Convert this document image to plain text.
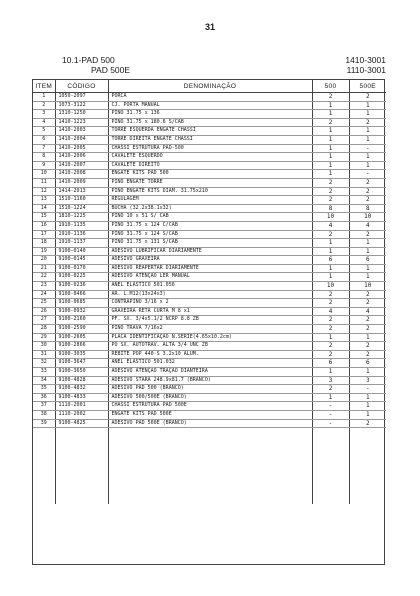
31
10.1-PAD 500
PAD 500E
1410-3001
1110-3001
ITEM	CÓDIGO	DENOMINAÇÃO	500	500E
1	1050-2097	PORCA	2	2
2	1073-3122	CJ. PORTA MANUAL	1	1
3	1310-1250	PINO 31.75 x 136	1	1
4	1410-1223	PINO 31.75 x 180.6 S/CAB	2	2
5	1410-2003	TORRE ESQUERDA ENGATE CHASSI	1	1
6	1410-2004	TORRE DIREITA ENGATE CHASSI	1	1
7	1410-2005	CHASSI ESTRUTURA PAD-500	1	-
8	1410-2006	CAVALETE ESQUERDO	1	1
9	1410-2007	CAVALETE DIREITO	1	1
10	1410-2008	ENGATE KITS PAD 500	1	-
11	1410-2009	PINO ENGATE TORRE	2	2
12	1414-2013	PINO ENGATE KITS DIAM. 31.75x210	2	2
13	1510-1160	REGULAGEM	2	2
14	1510-1224	BUCHA (32.2x38.1x32)	8	8
15	1810-1225	PINO 10 x 51 S/ CAB	10	10
16	1910-1135	PINO 31.75 x 124 C/CAB	4	4
17	1910-1136	PINO 31.75 x 124 S/CAB	2	2
18	1910-1137	PINO 31.75 x 131 S/CAB	1	1
19	9100-0140	ADESIVO LUBRIFICAR DIARIAMENTE	1	1
20	9100-0145	ADESIVO GRAXEIRA	6	6
21	9100-0170	ADESIVO REAPERTAR DIARIAMENTE	1	1
22	9100-0225	ADESIVO ATENÇÃO LER MANUAL	1	1
23	9100-0236	ANEL ELÁSTICO 501.056	10	10
24	9100-0466	AR. L.M12(13x24x3)	2	2
25	9100-0685	CONTRAPINO 3/16 x 2	2	2
26	9100-0932	GRAXEIRA RETA CURTA M 8 x1	4	4
27	9100-2160	PF. SX. 3/4x5.1/2 NCRP 8.8 ZB	2	2
28	9100-2590	PINO TRAVA 7/16x2	2	2
29	9100-2605	PLACA IDENTIFICAÇÃO N.SERIE(4.65x10.2cm)	1	1
30	9100-2866	PO SX. AUTOTRAV. ALTA 3/4 UNC ZB	2	2
31	9100-3035	REBITE POP 440-S 3.2x10 ALUM.	2	2
32	9100-3647	ANEL ELÁSTICO 501.032	6	6
33	9100-3650	ADESIVO ATENÇÃO TRAÇÃO DIANTEIRA	1	1
34	9100-4828	ADESIVO STARA 248.9x81.7 (BRANCO)	3	3
35	9100-4832	ADESIVO PAD 500 (BRANCO)	2	-
36	9100-4833	ADESIVO 500/500E (BRANCO)	1	1
37	1110-2001	CHASSI ESTRUTURA PAD 500E	-	1
38	1110-2002	ENGATE KITS PAD 500E	-	1
39	9100-4825	ADESIVO PAD 500E (BRANCO)	-	2
